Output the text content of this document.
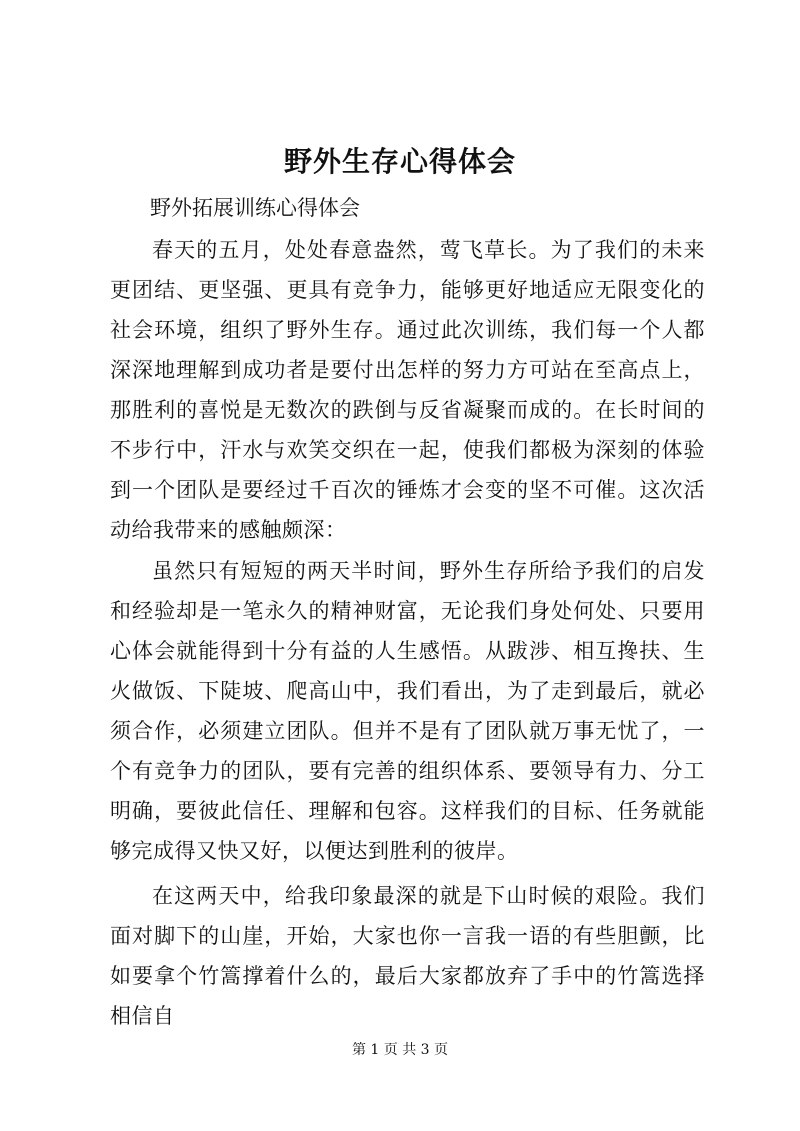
野外生存心得体会
野外拓展训练心得体会
春天的五月，处处春意盎然，莺飞草长。为了我们的未来更团结、更坚强、更具有竞争力，能够更好地适应无限变化的社会环境，组织了野外生存。通过此次训练，我们每一个人都深深地理解到成功者是要付出怎样的努力方可站在至高点上，那胜利的喜悦是无数次的跌倒与反省凝聚而成的。在长时间的不步行中，汗水与欢笑交织在一起，使我们都极为深刻的体验到一个团队是要经过千百次的锤炼才会变的坚不可催。这次活动给我带来的感触颇深：
虽然只有短短的两天半时间，野外生存所给予我们的启发和经验却是一笔永久的精神财富，无论我们身处何处、只要用心体会就能得到十分有益的人生感悟。从跋涉、相互搀扶、生火做饭、下陡坡、爬高山中，我们看出，为了走到最后，就必须合作，必须建立团队。但并不是有了团队就万事无忧了，一个有竞争力的团队，要有完善的组织体系、要领导有力、分工明确，要彼此信任、理解和包容。这样我们的目标、任务就能够完成得又快又好，以便达到胜利的彼岸。
在这两天中，给我印象最深的就是下山时候的艰险。我们面对脚下的山崖，开始，大家也你一言我一语的有些胆颤，比如要拿个竹篙撑着什么的，最后大家都放弃了手中的竹篙选择相信自
第 1 页 共 3 页
